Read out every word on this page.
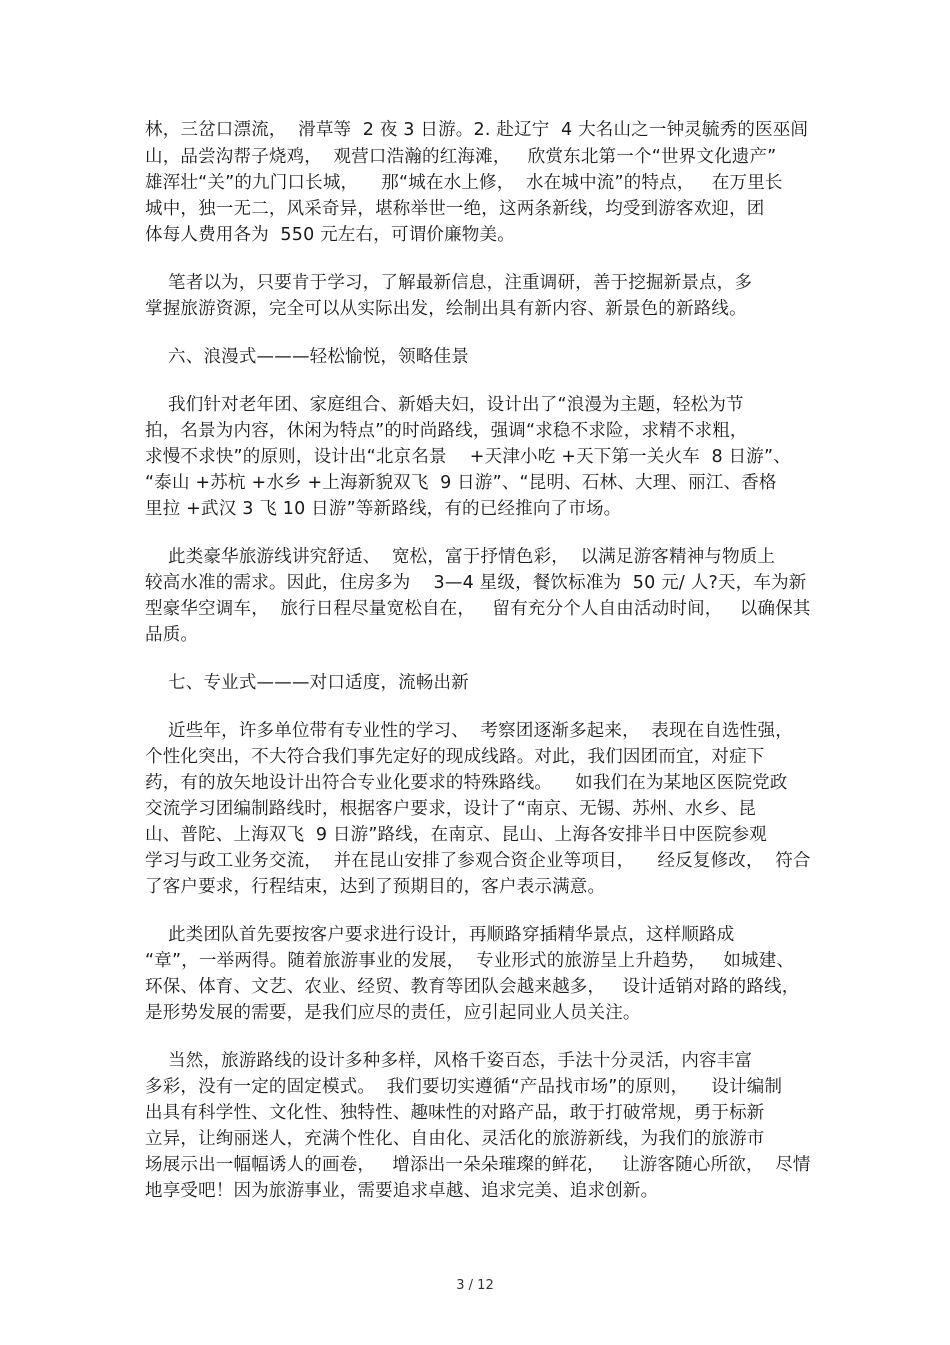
林，三岔口漂流，  滑草等  2 夜 3 日游。2. 赴辽宁  4 大名山之一钟灵毓秀的医巫闾
山，品尝沟帮子烧鸡，  观营口浩瀚的红海滩，   欣赏东北第一个“世界文化遗产”
雄浑壮“关”的九门口长城，    那“城在水上修，  水在城中流”的特点，   在万里长
城中，独一无二，风采奇异，堪称举世一绝，这两条新线，均受到游客欢迎，团
体每人费用各为  550 元左右，可谓价廉物美。
笔者以为，只要肯于学习，了解最新信息，注重调研，善于挖掘新景点，多
掌握旅游资源，完全可以从实际出发，绘制出具有新内容、新景色的新路线。
六、浪漫式———轻松愉悦，领略佳景
我们针对老年团、家庭组合、新婚夫妇，设计出了“浪漫为主题，轻松为节
拍，名景为内容，休闲为特点”的时尚路线，强调“求稳不求险，求精不求粗，
求慢不求快”的原则，设计出“北京名景    +天津小吃 +天下第一关火车  8 日游”、
“泰山 +苏杭 +水乡 +上海新貌双飞  9 日游”、“昆明、石林、大理、丽江、香格
里拉 +武汉 3 飞 10 日游”等新路线，有的已经推向了市场。
此类豪华旅游线讲究舒适、  宽松，富于抒情色彩，  以满足游客精神与物质上
较高水准的需求。因此，住房多为    3—4 星级，餐饮标准为  50 元/ 人?天，车为新
型豪华空调车，  旅行日程尽量宽松自在，   留有充分个人自由活动时间，   以确保其
品质。
七、专业式———对口适度，流畅出新
近些年，许多单位带有专业性的学习、  考察团逐渐多起来，  表现在自选性强，
个性化突出，不大符合我们事先定好的现成线路。对此，我们因团而宜，对症下
药，有的放矢地设计出符合专业化要求的特殊路线。    如我们在为某地区医院党政
交流学习团编制路线时，根据客户要求，设计了“南京、无锡、苏州、水乡、昆
山、普陀、上海双飞  9 日游”路线，在南京、昆山、上海各安排半日中医院参观
学习与政工业务交流，  并在昆山安排了参观合资企业等项目，    经反复修改，  符合
了客户要求，行程结束，达到了预期目的，客户表示满意。
此类团队首先要按客户要求进行设计，再顺路穿插精华景点，这样顺路成
“章”，一举两得。随着旅游事业的发展，  专业形式的旅游呈上升趋势，   如城建、
环保、体育、文艺、农业、经贸、教育等团队会越来越多，   设计适销对路的路线，
是形势发展的需要，是我们应尽的责任，应引起同业人员关注。
当然，旅游路线的设计多种多样，风格千姿百态，手法十分灵活，内容丰富
多彩，没有一定的固定模式。  我们要切实遵循“产品找市场”的原则，    设计编制
出具有科学性、文化性、独特性、趣味性的对路产品，敢于打破常规，勇于标新
立异，让绚丽迷人，充满个性化、自由化、灵活化的旅游新线，为我们的旅游市
场展示出一幅幅诱人的画卷，   增添出一朵朵璀璨的鲜花，   让游客随心所欲，  尽情
地享受吧！因为旅游事业，需要追求卓越、追求完美、追求创新。
3 / 12
